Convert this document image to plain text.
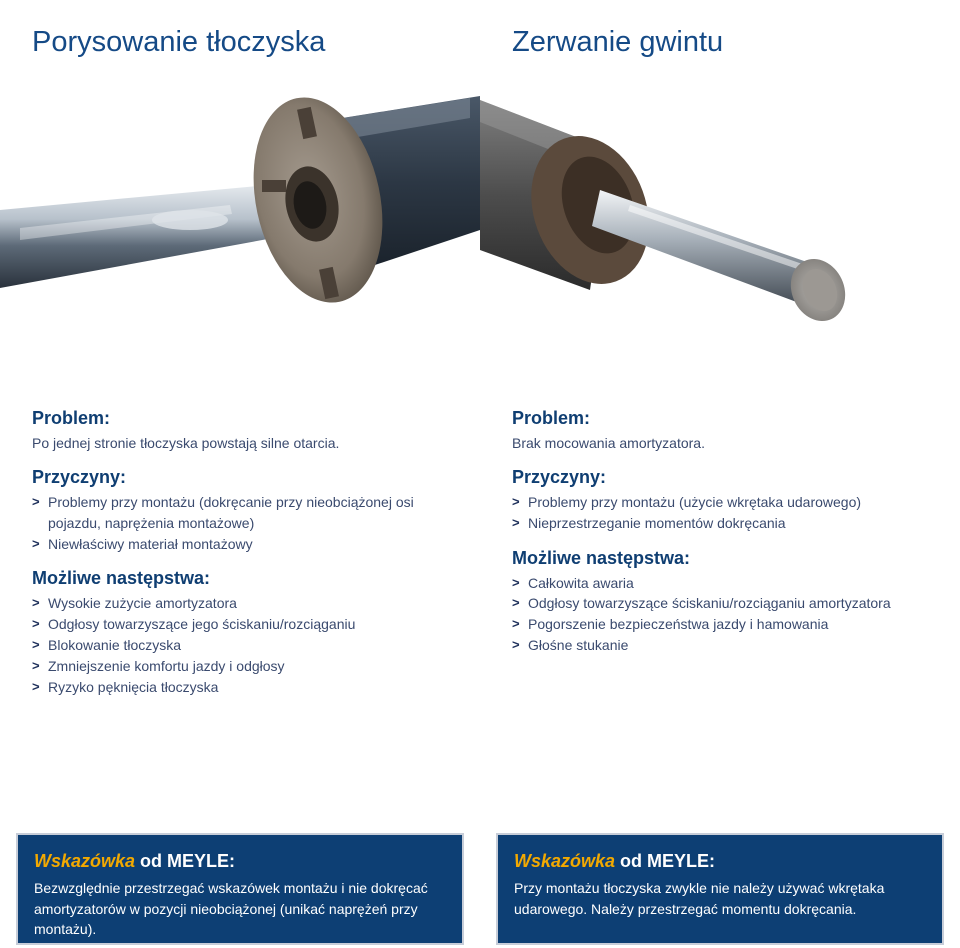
Porysowanie tłoczyska
Problem:
Po jednej stronie tłoczyska powstają silne otarcia.
Przyczyny:
> Problemy przy montażu (dokręcanie przy nieobciążonej osi pojazdu, naprężenia montażowe)
> Niewłaściwy materiał montażowy
Możliwe następstwa:
> Wysokie zużycie amortyzatora
> Odgłosy towarzyszące jego ściskaniu/rozciąganiu
> Blokowanie tłoczyska
> Zmniejszenie komfortu jazdy i odgłosy
> Ryzyko pęknięcia tłoczyska
Zerwanie gwintu
Problem:
Brak mocowania amortyzatora.
Przyczyny:
> Problemy przy montażu (użycie wkrętaka udarowego)
> Nieprzestrzeganie momentów dokręcania
Możliwe następstwa:
> Całkowita awaria
> Odgłosy towarzyszące ściskaniu/rozciąganiu amortyzatora
> Pogorszenie bezpieczeństwa jazdy i hamowania
> Głośne stukanie
Wskazówka od MEYLE:
Bezwzględnie przestrzegać wskazówek montażu i nie dokręcać amortyzatorów w pozycji nieobciążonej (unikać naprężeń przy montażu).
Wskazówka od MEYLE:
Przy montażu tłoczyska zwykle nie należy używać wkrętaka udarowego. Należy przestrzegać momentu dokręcania.
